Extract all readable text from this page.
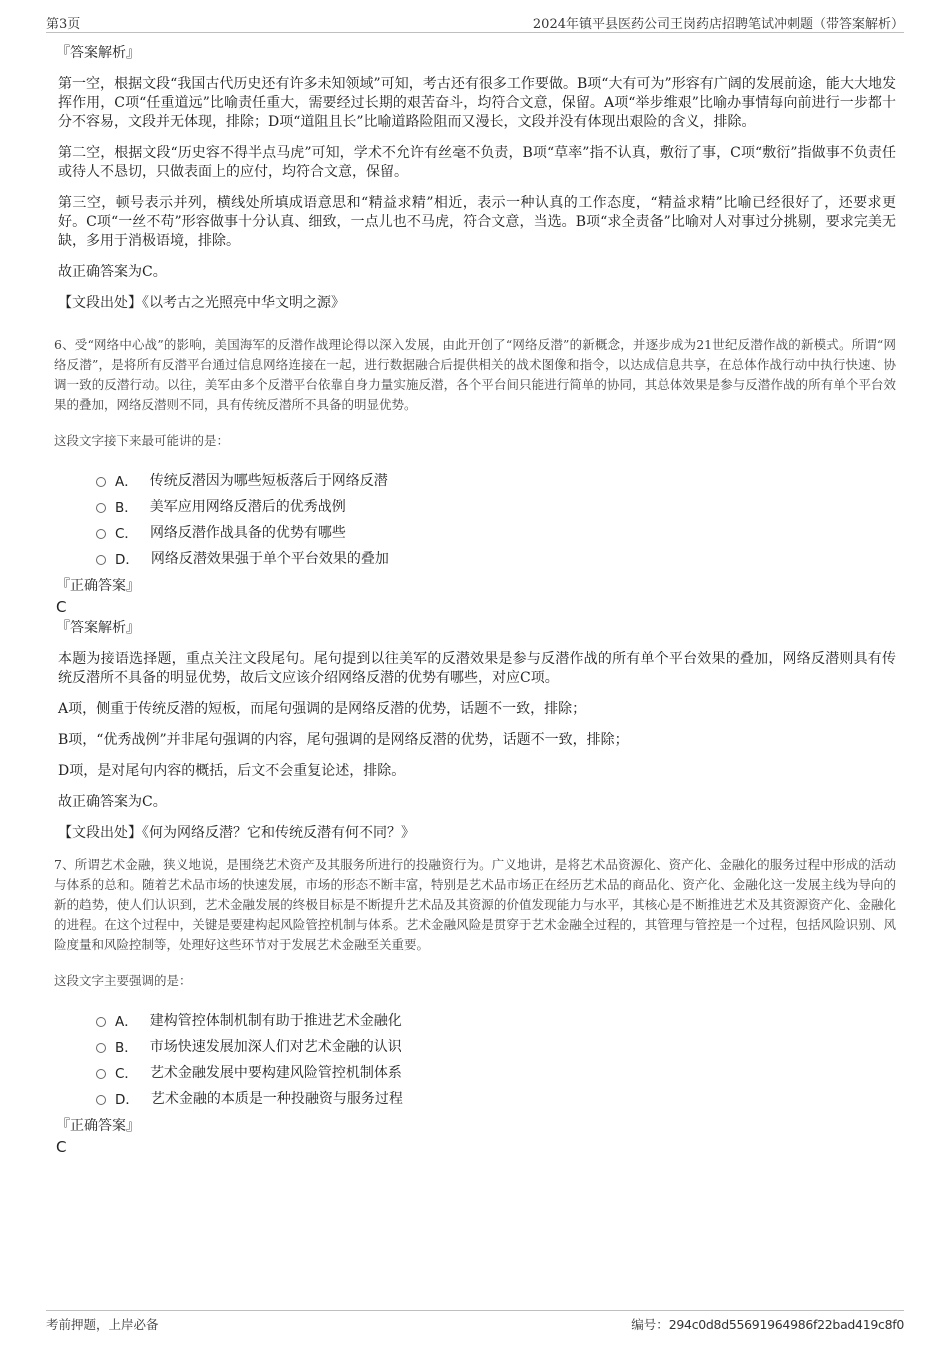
第3页	2024年镇平县医药公司王岗药店招聘笔试冲刺题（带答案解析）
『答案解析』

第一空，根据文段“我国古代历史还有许多未知领域”可知，考古还有很多工作要做。B项“大有可为”形容有广阔的发展前途，能大大地发挥作用，C项“任重道远”比喻责任重大，需要经过长期的艰苦奋斗，均符合文意，保留。A项“举步维艰”比喻办事情每向前进行一步都十分不容易，文段并无体现，排除；D项“道阻且长”比喻道路险阻而又漫长，文段并没有体现出艰险的含义，排除。

第二空，根据文段“历史容不得半点马虎”可知，学术不允许有丝毫不负责，B项“草率”指不认真，敷衍了事，C项“敷衍”指做事不负责任或待人不恳切，只做表面上的应付，均符合文意，保留。

第三空，顿号表示并列，横线处所填成语意思和“精益求精”相近，表示一种认真的工作态度，“精益求精”比喻已经很好了，还要求更好。C项“一丝不苟”形容做事十分认真、细致，一点儿也不马虎，符合文意，当选。B项“求全责备”比喻对人对事过分挑剔，要求完美无缺，多用于消极语境，排除。

故正确答案为C。

【文段出处】《以考古之光照亮中华文明之源》

6、受“网络中心战”的影响，美国海军的反潜作战理论得以深入发展，由此开创了“网络反潜”的新概念，并逐步成为21世纪反潜作战的新模式。所谓“网络反潜”，是将所有反潜平台通过信息网络连接在一起，进行数据融合后提供相关的战术图像和指令，以达成信息共享，在总体作战行动中执行快速、协调一致的反潜行动。以往，美军由多个反潜平台依靠自身力量实施反潜，各个平台间只能进行简单的协同，其总体效果是参与反潜作战的所有单个平台效果的叠加，网络反潜则不同，具有传统反潜所不具备的明显优势。

这段文字接下来最可能讲的是：

A． 传统反潜因为哪些短板落后于网络反潜
B． 美军应用网络反潜后的优秀战例
C． 网络反潜作战具备的优势有哪些
D． 网络反潜效果强于单个平台效果的叠加
『正确答案』
C
『答案解析』

本题为接语选择题，重点关注文段尾句。尾句提到以往美军的反潜效果是参与反潜作战的所有单个平台效果的叠加，网络反潜则具有传统反潜所不具备的明显优势，故后文应该介绍网络反潜的优势有哪些，对应C项。

A项，侧重于传统反潜的短板，而尾句强调的是网络反潜的优势，话题不一致，排除；

B项，“优秀战例”并非尾句强调的内容，尾句强调的是网络反潜的优势，话题不一致，排除；

D项，是对尾句内容的概括，后文不会重复论述，排除。

故正确答案为C。

【文段出处】《何为网络反潜？它和传统反潜有何不同？》

7、所谓艺术金融，狭义地说，是围绕艺术资产及其服务所进行的投融资行为。广义地讲，是将艺术品资源化、资产化、金融化的服务过程中形成的活动与体系的总和。随着艺术品市场的快速发展，市场的形态不断丰富，特别是艺术品市场正在经历艺术品的商品化、资产化、金融化这一发展主线为导向的新的趋势，使人们认识到，艺术金融发展的终极目标是不断提升艺术品及其资源的价值发现能力与水平，其核心是不断推进艺术及其资源资产化、金融化的进程。在这个过程中，关键是要建构起风险管控机制与体系。艺术金融风险是贯穿于艺术金融全过程的，其管理与管控是一个过程，包括风险识别、风险度量和风险控制等，处理好这些环节对于发展艺术金融至关重要。

这段文字主要强调的是：

A． 建构管控体制机制有助于推进艺术金融化
B． 市场快速发展加深人们对艺术金融的认识
C． 艺术金融发展中要构建风险管控机制体系
D． 艺术金融的本质是一种投融资与服务过程
『正确答案』
C
考前押题，上岸必备	编号：294c0d8d55691964986f22bad419c8f0
